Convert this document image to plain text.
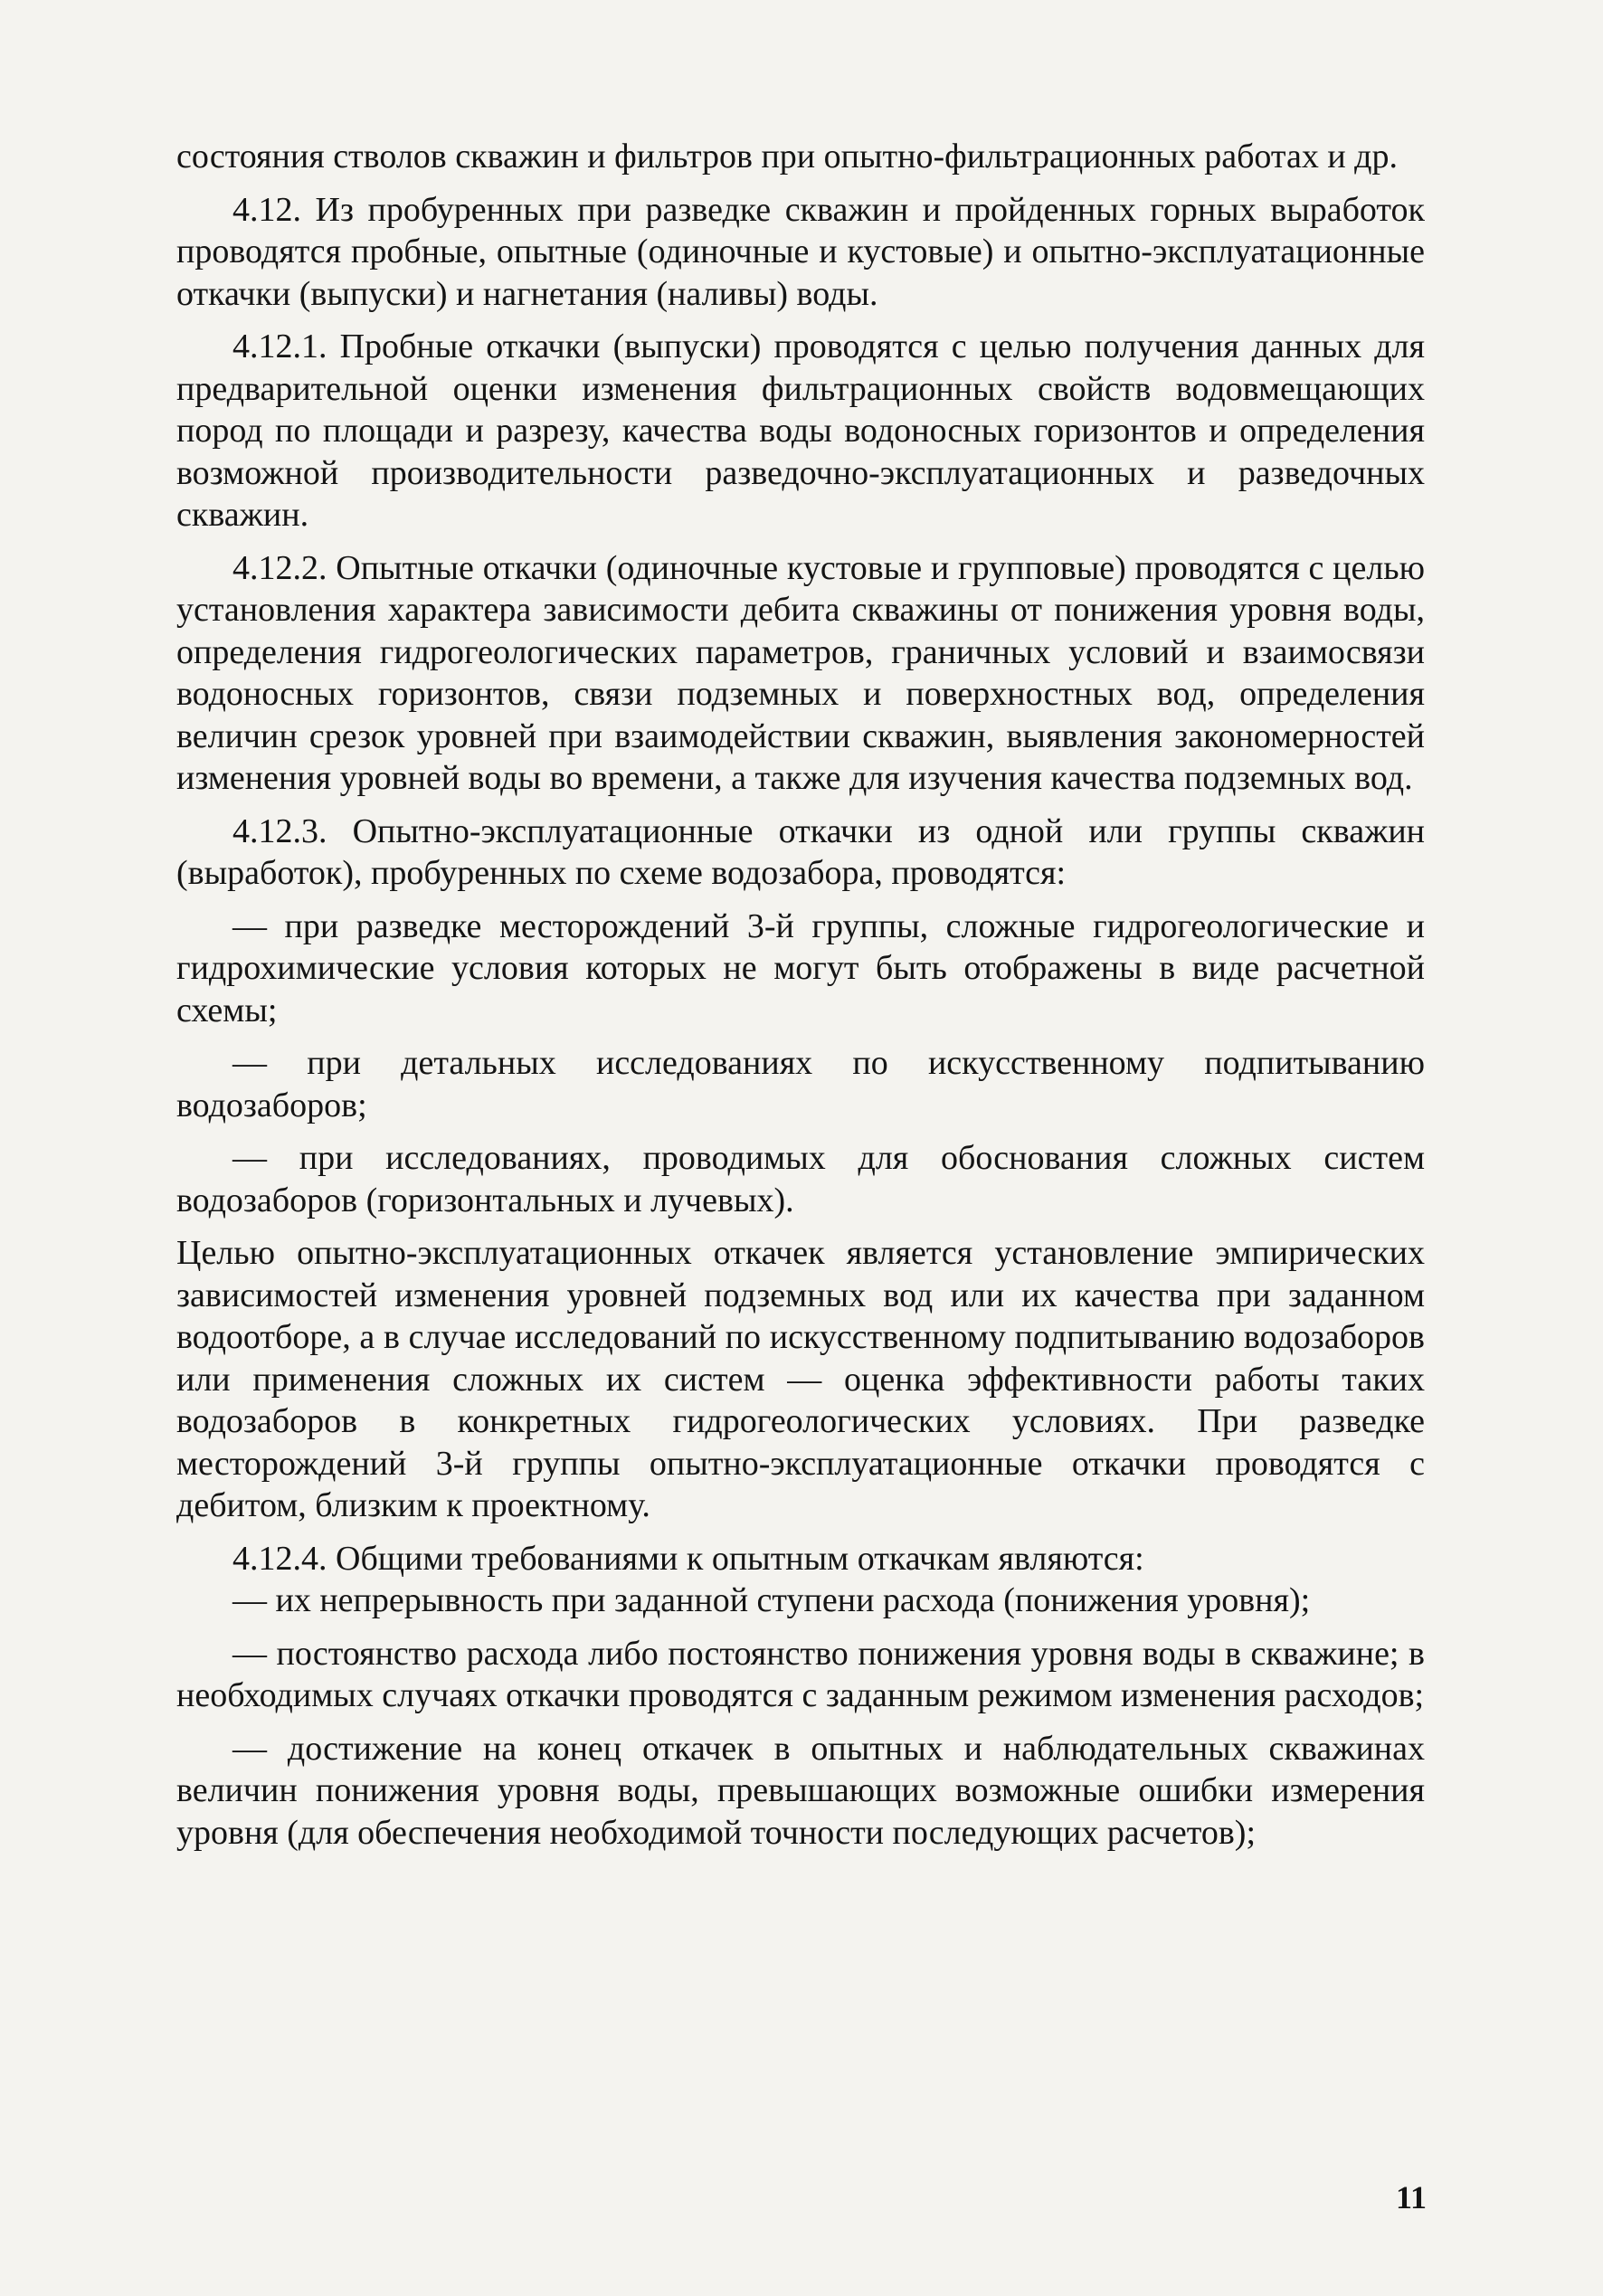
состояния стволов скважин и фильтров при опытно-фильтрационных работах и др.

4.12. Из пробуренных при разведке скважин и пройденных горных выработок проводятся пробные, опытные (одиночные и кустовые) и опытно-эксплуатационные откачки (выпуски) и нагнетания (наливы) воды.

4.12.1. Пробные откачки (выпуски) проводятся с целью получения данных для предварительной оценки изменения фильтрационных свойств водовмещающих пород по площади и разрезу, качества воды водоносных горизонтов и определения возможной производительности разведочно-эксплуатационных и разведочных скважин.

4.12.2. Опытные откачки (одиночные кустовые и групповые) проводятся с целью установления характера зависимости дебита скважины от понижения уровня воды, определения гидрогеологических параметров, граничных условий и взаимосвязи водоносных горизонтов, связи подземных и поверхностных вод, определения величин срезок уровней при взаимодействии скважин, выявления закономерностей изменения уровней воды во времени, а также для изучения качества подземных вод.

4.12.3. Опытно-эксплуатационные откачки из одной или группы скважин (выработок), пробуренных по схеме водозабора, проводятся:

— при разведке месторождений 3-й группы, сложные гидрогеологические и гидрохимические условия которых не могут быть отображены в виде расчетной схемы;

— при детальных исследованиях по искусственному подпитыванию водозаборов;

— при исследованиях, проводимых для обоснования сложных систем водозаборов (горизонтальных и лучевых).

Целью опытно-эксплуатационных откачек является установление эмпирических зависимостей изменения уровней подземных вод или их качества при заданном водоотборе, а в случае исследований по искусственному подпитыванию водозаборов или применения сложных их систем — оценка эффективности работы таких водозаборов в конкретных гидрогеологических условиях. При разведке месторождений 3-й группы опытно-эксплуатационные откачки проводятся с дебитом, близким к проектному.

4.12.4. Общими требованиями к опытным откачкам являются:

— их непрерывность при заданной ступени расхода (понижения уровня);

— постоянство расхода либо постоянство понижения уровня воды в скважине; в необходимых случаях откачки проводятся с заданным режимом изменения расходов;

— достижение на конец откачек в опытных и наблюдательных скважинах величин понижения уровня воды, превышающих возможные ошибки измерения уровня (для обеспечения необходимой точности последующих расчетов);

11
